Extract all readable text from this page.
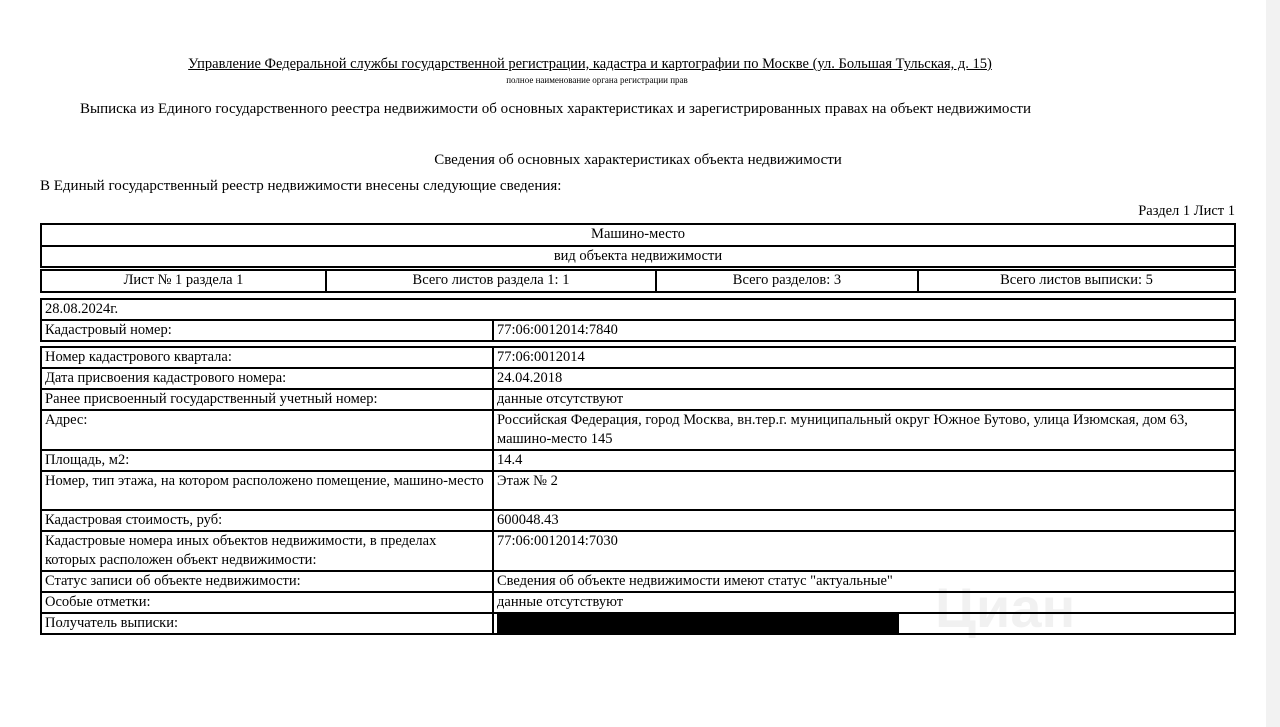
Управление Федеральной службы государственной регистрации, кадастра и картографии по Москве (ул. Большая Тульская, д. 15)
полное наименование органа регистрации прав
Выписка из Единого государственного реестра недвижимости об основных характеристиках и зарегистрированных правах на объект недвижимости
Сведения об основных характеристиках объекта недвижимости
В Единый государственный реестр недвижимости внесены следующие сведения:
Раздел 1 Лист 1
Машино-место
вид объекта недвижимости
Лист № 1 раздела 1	Всего листов раздела 1: 1	Всего разделов: 3	Всего листов выписки: 5
28.08.2024г.
Кадастровый номер:	77:06:0012014:7840
Номер кадастрового квартала:	77:06:0012014
Дата присвоения кадастрового номера:	24.04.2018
Ранее присвоенный государственный учетный номер:	данные отсутствуют
Адрес:	Российская Федерация, город Москва, вн.тер.г. муниципальный округ Южное Бутово, улица Изюмская, дом 63, машино-место 145
Площадь, м2:	14.4
Номер, тип этажа, на котором расположено помещение, машино-место	Этаж № 2
Кадастровая стоимость, руб:	600048.43
Кадастровые номера иных объектов недвижимости, в пределах которых расположен объект недвижимости:	77:06:0012014:7030
Статус записи об объекте недвижимости:	Сведения об объекте недвижимости имеют статус "актуальные"
Особые отметки:	данные отсутствуют
Получатель выписки:		Циан
